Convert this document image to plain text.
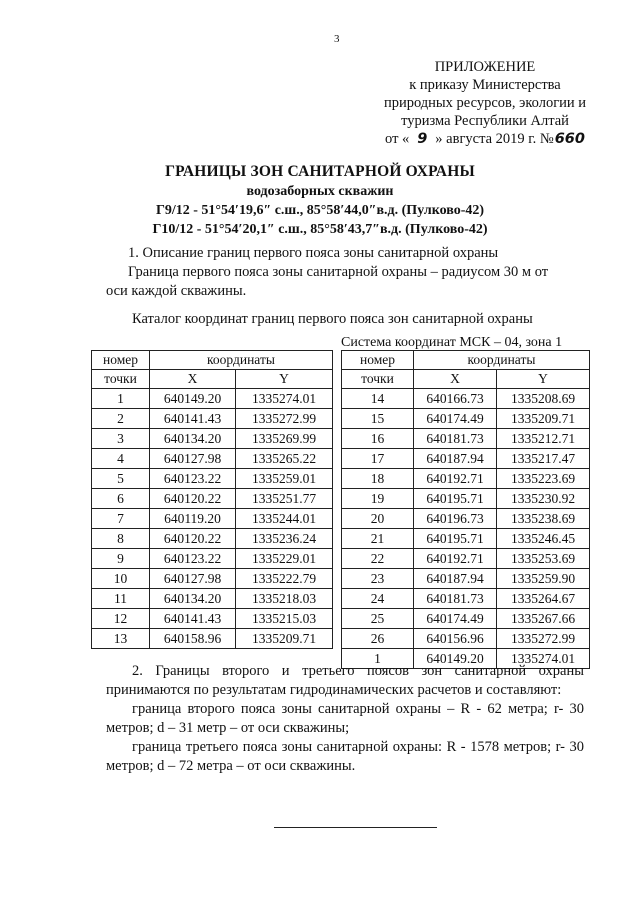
3
ПРИЛОЖЕНИЕ
к приказу Министерства
природных ресурсов, экологии и
туризма Республики Алтай
от « 9 » августа 2019 г. №660
ГРАНИЦЫ ЗОН САНИТАРНОЙ ОХРАНЫ
водозаборных скважин
Г9/12 - 51°54′19,6″ с.ш., 85°58′44,0″в.д. (Пулково-42)
Г10/12 - 51°54′20,1″ с.ш., 85°58′43,7″в.д. (Пулково-42)
1. Описание границ первого пояса зоны санитарной охраны
Граница первого пояса зоны санитарной охраны – радиусом 30 м от
оси каждой скважины.
Каталог координат границ первого пояса зон санитарной охраны
Система координат МСК – 04, зона 1
номер	координаты	
точки	X	Y
1	640149.20	1335274.01
2	640141.43	1335272.99
3	640134.20	1335269.99
4	640127.98	1335265.22
5	640123.22	1335259.01
6	640120.22	1335251.77
7	640119.20	1335244.01
8	640120.22	1335236.24
9	640123.22	1335229.01
10	640127.98	1335222.79
11	640134.20	1335218.03
12	640141.43	1335215.03
13	640158.96	1335209.71
номер	координаты	
точки	X	Y
14	640166.73	1335208.69
15	640174.49	1335209.71
16	640181.73	1335212.71
17	640187.94	1335217.47
18	640192.71	1335223.69
19	640195.71	1335230.92
20	640196.73	1335238.69
21	640195.71	1335246.45
22	640192.71	1335253.69
23	640187.94	1335259.90
24	640181.73	1335264.67
25	640174.49	1335267.66
26	640156.96	1335272.99
1	640149.20	1335274.01

2. Границы второго и третьего поясов зон санитарной охраны принимаются по результатам гидродинамических расчетов и составляют:

граница второго пояса зоны санитарной охраны – R - 62 метра; r- 30 метров; d – 31 метр – от оси скважины;

граница третьего пояса зоны санитарной охраны: R - 1578 метров; r- 30 метров; d – 72 метра – от оси скважины.
